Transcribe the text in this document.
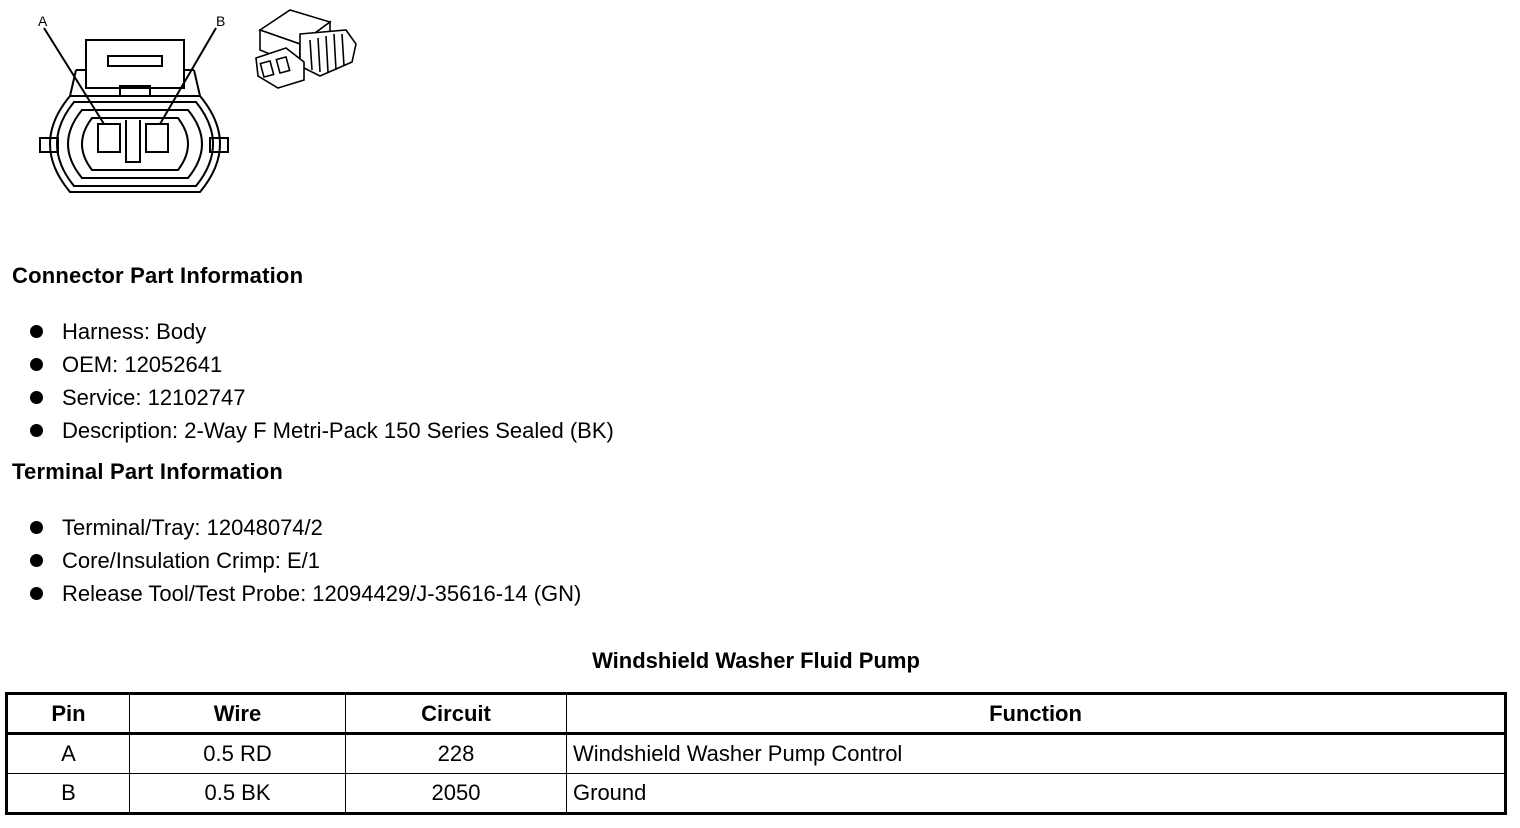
A	B
Connector Part Information
Harness: Body
OEM: 12052641
Service: 12102747
Description: 2-Way F Metri-Pack 150 Series Sealed (BK)
Terminal Part Information
Terminal/Tray: 12048074/2
Core/Insulation Crimp: E/1
Release Tool/Test Probe: 12094429/J-35616-14 (GN)
Windshield Washer Fluid Pump
Pin	Wire	Circuit	Function
A	0.5 RD	228	Windshield Washer Pump Control
B	0.5 BK	2050	Ground
